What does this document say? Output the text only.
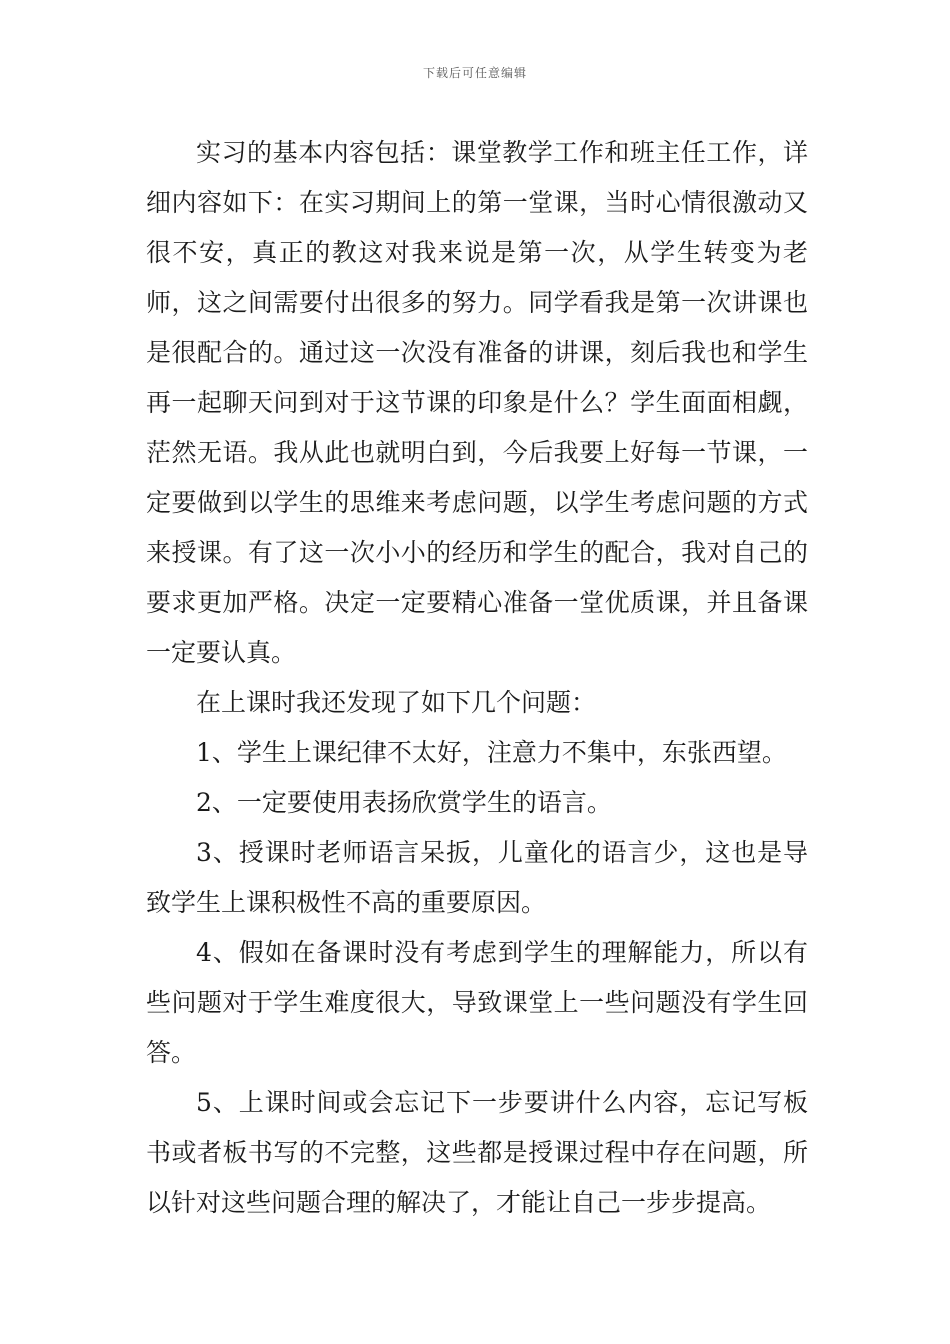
下载后可任意编辑

实习的基本内容包括：课堂教学工作和班主任工作，详细内容如下：在实习期间上的第一堂课，当时心情很激动又很不安，真正的教这对我来说是第一次，从学生转变为老师，这之间需要付出很多的努力。同学看我是第一次讲课也是很配合的。通过这一次没有准备的讲课，刻后我也和学生再一起聊天问到对于这节课的印象是什么？学生面面相觑，茫然无语。我从此也就明白到，今后我要上好每一节课，一定要做到以学生的思维来考虑问题，以学生考虑问题的方式来授课。有了这一次小小的经历和学生的配合，我对自己的要求更加严格。决定一定要精心准备一堂优质课，并且备课一定要认真。

在上课时我还发现了如下几个问题：

1、学生上课纪律不太好，注意力不集中，东张西望。

2、一定要使用表扬欣赏学生的语言。

3、授课时老师语言呆扳，儿童化的语言少，这也是导致学生上课积极性不高的重要原因。

4、假如在备课时没有考虑到学生的理解能力，所以有些问题对于学生难度很大，导致课堂上一些问题没有学生回答。

5、上课时间或会忘记下一步要讲什么内容，忘记写板书或者板书写的不完整，这些都是授课过程中存在问题，所以针对这些问题合理的解决了，才能让自己一步步提高。
